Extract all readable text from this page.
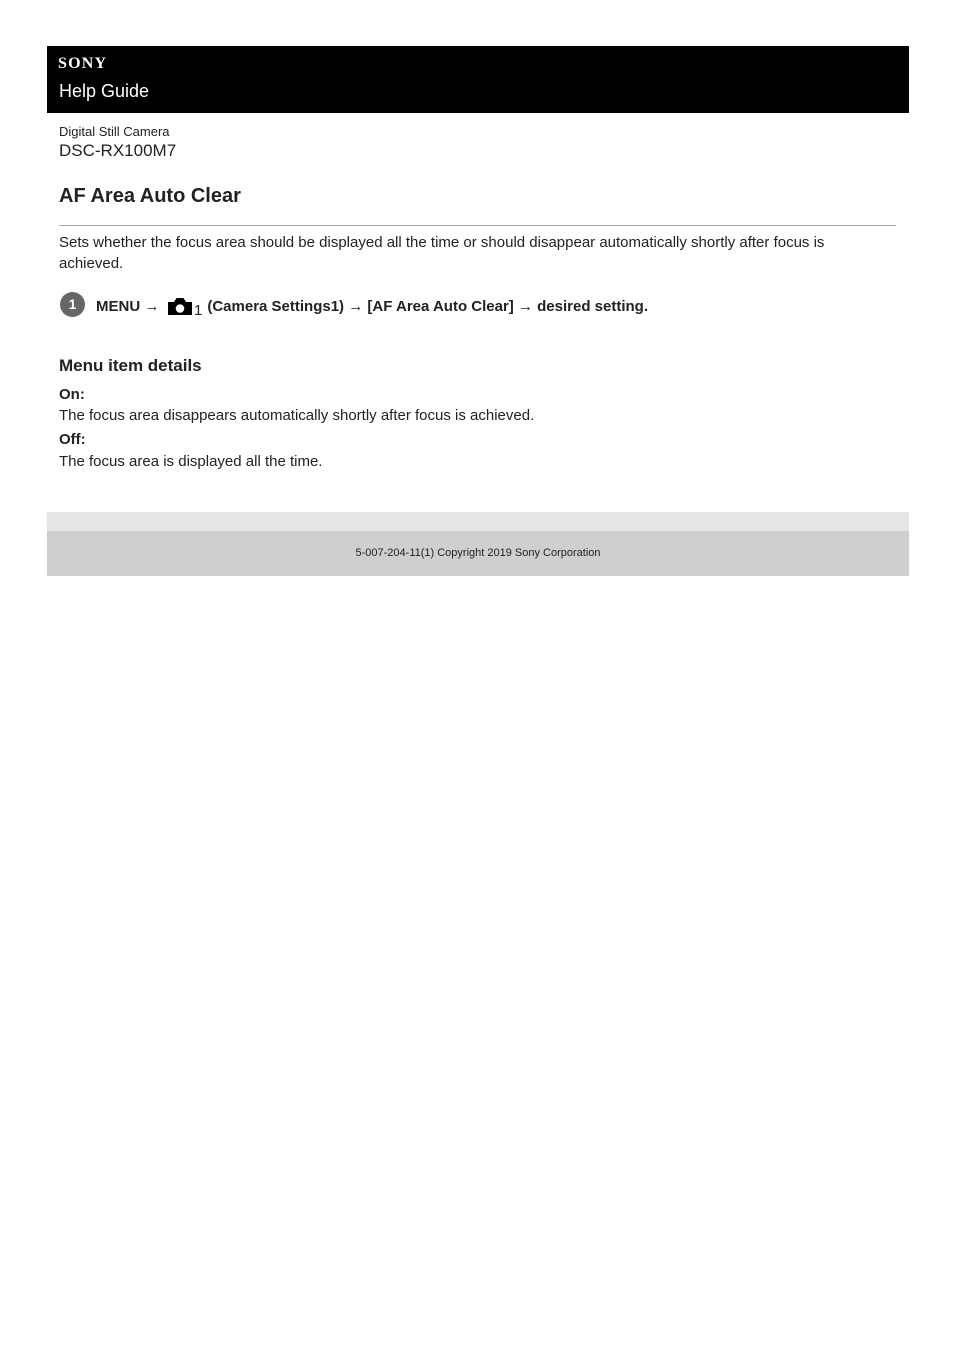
SONY
Help Guide
Digital Still Camera
DSC-RX100M7
AF Area Auto Clear
Sets whether the focus area should be displayed all the time or should disappear automatically shortly after focus is achieved.
1	MENU → 1 (Camera Settings1) → [AF Area Auto Clear] → desired setting.
Menu item details
On:
The focus area disappears automatically shortly after focus is achieved.
Off:
The focus area is displayed all the time.
5-007-204-11(1) Copyright 2019 Sony Corporation
